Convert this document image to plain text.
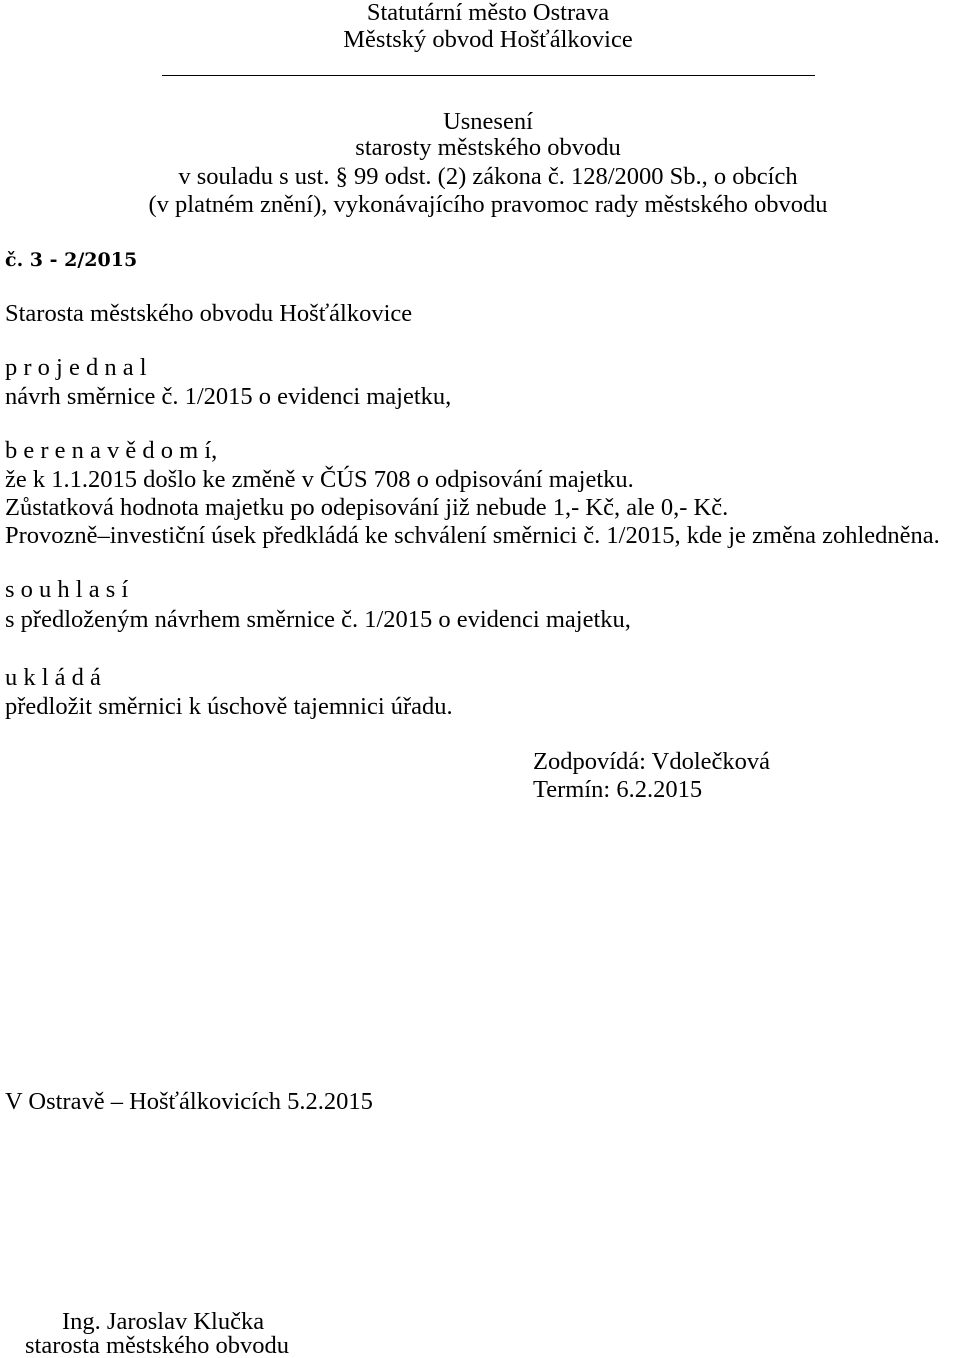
Statutární město Ostrava
Městský obvod Hošťálkovice
Usnesení
starosty městského obvodu
v souladu s ust. § 99 odst. (2) zákona č. 128/2000 Sb., o obcích
(v platném znění), vykonávajícího pravomoc rady městského obvodu
č. 3 - 2/2015
Starosta městského obvodu Hošťálkovice
p r o j e d n a l
návrh směrnice č. 1/2015 o evidenci majetku,
b e r e n a v ě d o m í,
že k 1.1.2015 došlo ke změně v ČÚS 708 o odpisování majetku.
Zůstatková hodnota majetku po odepisování již nebude 1,- Kč, ale 0,- Kč.
Provozně–investiční úsek předkládá ke schválení směrnici č. 1/2015, kde je změna zohledněna.
s o u h l a s í
s předloženým návrhem směrnice č. 1/2015 o evidenci majetku,
u k l á d á
předložit směrnici k úschově tajemnici úřadu.
Zodpovídá: Vdolečková
Termín: 6.2.2015
V Ostravě – Hošťálkovicích 5.2.2015
Ing. Jaroslav Klučka
starosta městského obvodu
